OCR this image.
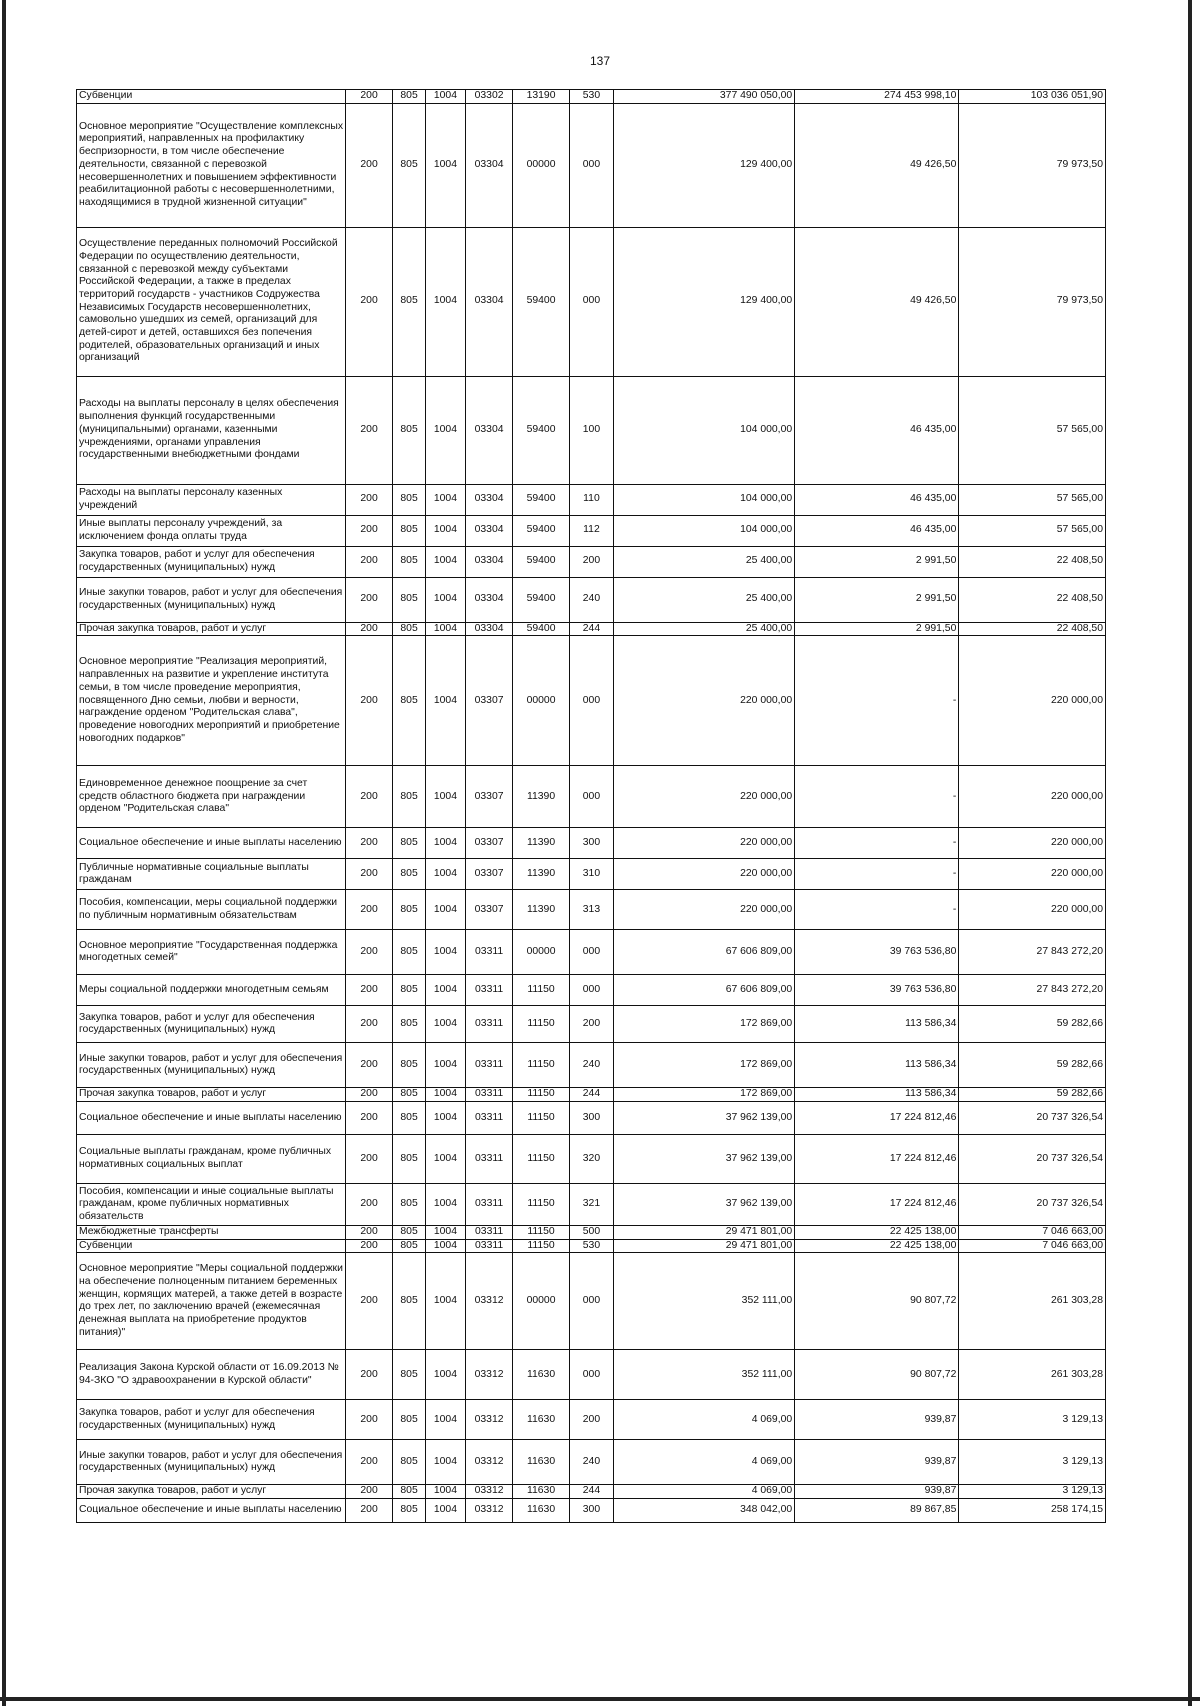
137
Субвенции	200	805	1004	03302	13190	530	377 490 050,00	274 453 998,10	103 036 051,90
Основное мероприятие "Осуществление комплексных мероприятий, направленных на профилактику беспризорности, в том числе обеспечение деятельности, связанной с перевозкой несовершеннолетних и повышением эффективности реабилитационной работы с несовершеннолетними, находящимися в трудной жизненной ситуации"	200	805	1004	03304	00000	000	129 400,00	49 426,50	79 973,50
Осуществление переданных полномочий Российской Федерации по осуществлению деятельности, связанной с перевозкой между субъектами Российской Федерации, а также в пределах территорий государств - участников Содружества Независимых Государств несовершеннолетних, самовольно ушедших из семей, организаций для детей-сирот и детей, оставшихся без попечения родителей, образовательных организаций и иных организаций	200	805	1004	03304	59400	000	129 400,00	49 426,50	79 973,50
Расходы на выплаты персоналу в целях обеспечения выполнения функций государственными (муниципальными) органами, казенными учреждениями, органами управления государственными внебюджетными фондами	200	805	1004	03304	59400	100	104 000,00	46 435,00	57 565,00
Расходы на выплаты персоналу казенных учреждений	200	805	1004	03304	59400	110	104 000,00	46 435,00	57 565,00
Иные выплаты персоналу учреждений, за исключением фонда оплаты труда	200	805	1004	03304	59400	112	104 000,00	46 435,00	57 565,00
Закупка товаров, работ и услуг для обеспечения государственных (муниципальных) нужд	200	805	1004	03304	59400	200	25 400,00	2 991,50	22 408,50
Иные закупки товаров, работ и услуг для обеспечения государственных (муниципальных) нужд	200	805	1004	03304	59400	240	25 400,00	2 991,50	22 408,50
Прочая закупка товаров, работ и услуг	200	805	1004	03304	59400	244	25 400,00	2 991,50	22 408,50
Основное мероприятие "Реализация мероприятий, направленных на развитие и укрепление института семьи, в том числе проведение мероприятия, посвященного Дню семьи, любви и верности, награждение орденом "Родительская слава", проведение новогодних мероприятий и приобретение новогодних подарков"	200	805	1004	03307	00000	000	220 000,00	-	220 000,00
Единовременное денежное поощрение за счет средств областного бюджета при награждении орденом "Родительская слава"	200	805	1004	03307	11390	000	220 000,00	-	220 000,00
Социальное обеспечение и иные выплаты населению	200	805	1004	03307	11390	300	220 000,00	-	220 000,00
Публичные нормативные социальные выплаты гражданам	200	805	1004	03307	11390	310	220 000,00	-	220 000,00
Пособия, компенсации, меры социальной поддержки по публичным нормативным обязательствам	200	805	1004	03307	11390	313	220 000,00	-	220 000,00
Основное мероприятие "Государственная поддержка многодетных семей"	200	805	1004	03311	00000	000	67 606 809,00	39 763 536,80	27 843 272,20
Меры социальной поддержки многодетным семьям	200	805	1004	03311	11150	000	67 606 809,00	39 763 536,80	27 843 272,20
Закупка товаров, работ и услуг для обеспечения государственных (муниципальных) нужд	200	805	1004	03311	11150	200	172 869,00	113 586,34	59 282,66
Иные закупки товаров, работ и услуг для обеспечения государственных (муниципальных) нужд	200	805	1004	03311	11150	240	172 869,00	113 586,34	59 282,66
Прочая закупка товаров, работ и услуг	200	805	1004	03311	11150	244	172 869,00	113 586,34	59 282,66
Социальное обеспечение и иные выплаты населению	200	805	1004	03311	11150	300	37 962 139,00	17 224 812,46	20 737 326,54
Социальные выплаты гражданам, кроме публичных нормативных социальных выплат	200	805	1004	03311	11150	320	37 962 139,00	17 224 812,46	20 737 326,54
Пособия, компенсации и иные социальные выплаты гражданам, кроме публичных нормативных обязательств	200	805	1004	03311	11150	321	37 962 139,00	17 224 812,46	20 737 326,54
Межбюджетные трансферты	200	805	1004	03311	11150	500	29 471 801,00	22 425 138,00	7 046 663,00
Субвенции	200	805	1004	03311	11150	530	29 471 801,00	22 425 138,00	7 046 663,00
Основное мероприятие "Меры социальной поддержки на обеспечение полноценным питанием беременных женщин, кормящих матерей, а также детей в возрасте до трех лет, по заключению врачей (ежемесячная денежная выплата на приобретение продуктов питания)"	200	805	1004	03312	00000	000	352 111,00	90 807,72	261 303,28
Реализация Закона Курской области от 16.09.2013 № 94-ЗКО "О здравоохранении в Курской области"	200	805	1004	03312	11630	000	352 111,00	90 807,72	261 303,28
Закупка товаров, работ и услуг для обеспечения государственных (муниципальных) нужд	200	805	1004	03312	11630	200	4 069,00	939,87	3 129,13
Иные закупки товаров, работ и услуг для обеспечения государственных (муниципальных) нужд	200	805	1004	03312	11630	240	4 069,00	939,87	3 129,13
Прочая закупка товаров, работ и услуг	200	805	1004	03312	11630	244	4 069,00	939,87	3 129,13
Социальное обеспечение и иные выплаты населению	200	805	1004	03312	11630	300	348 042,00	89 867,85	258 174,15
